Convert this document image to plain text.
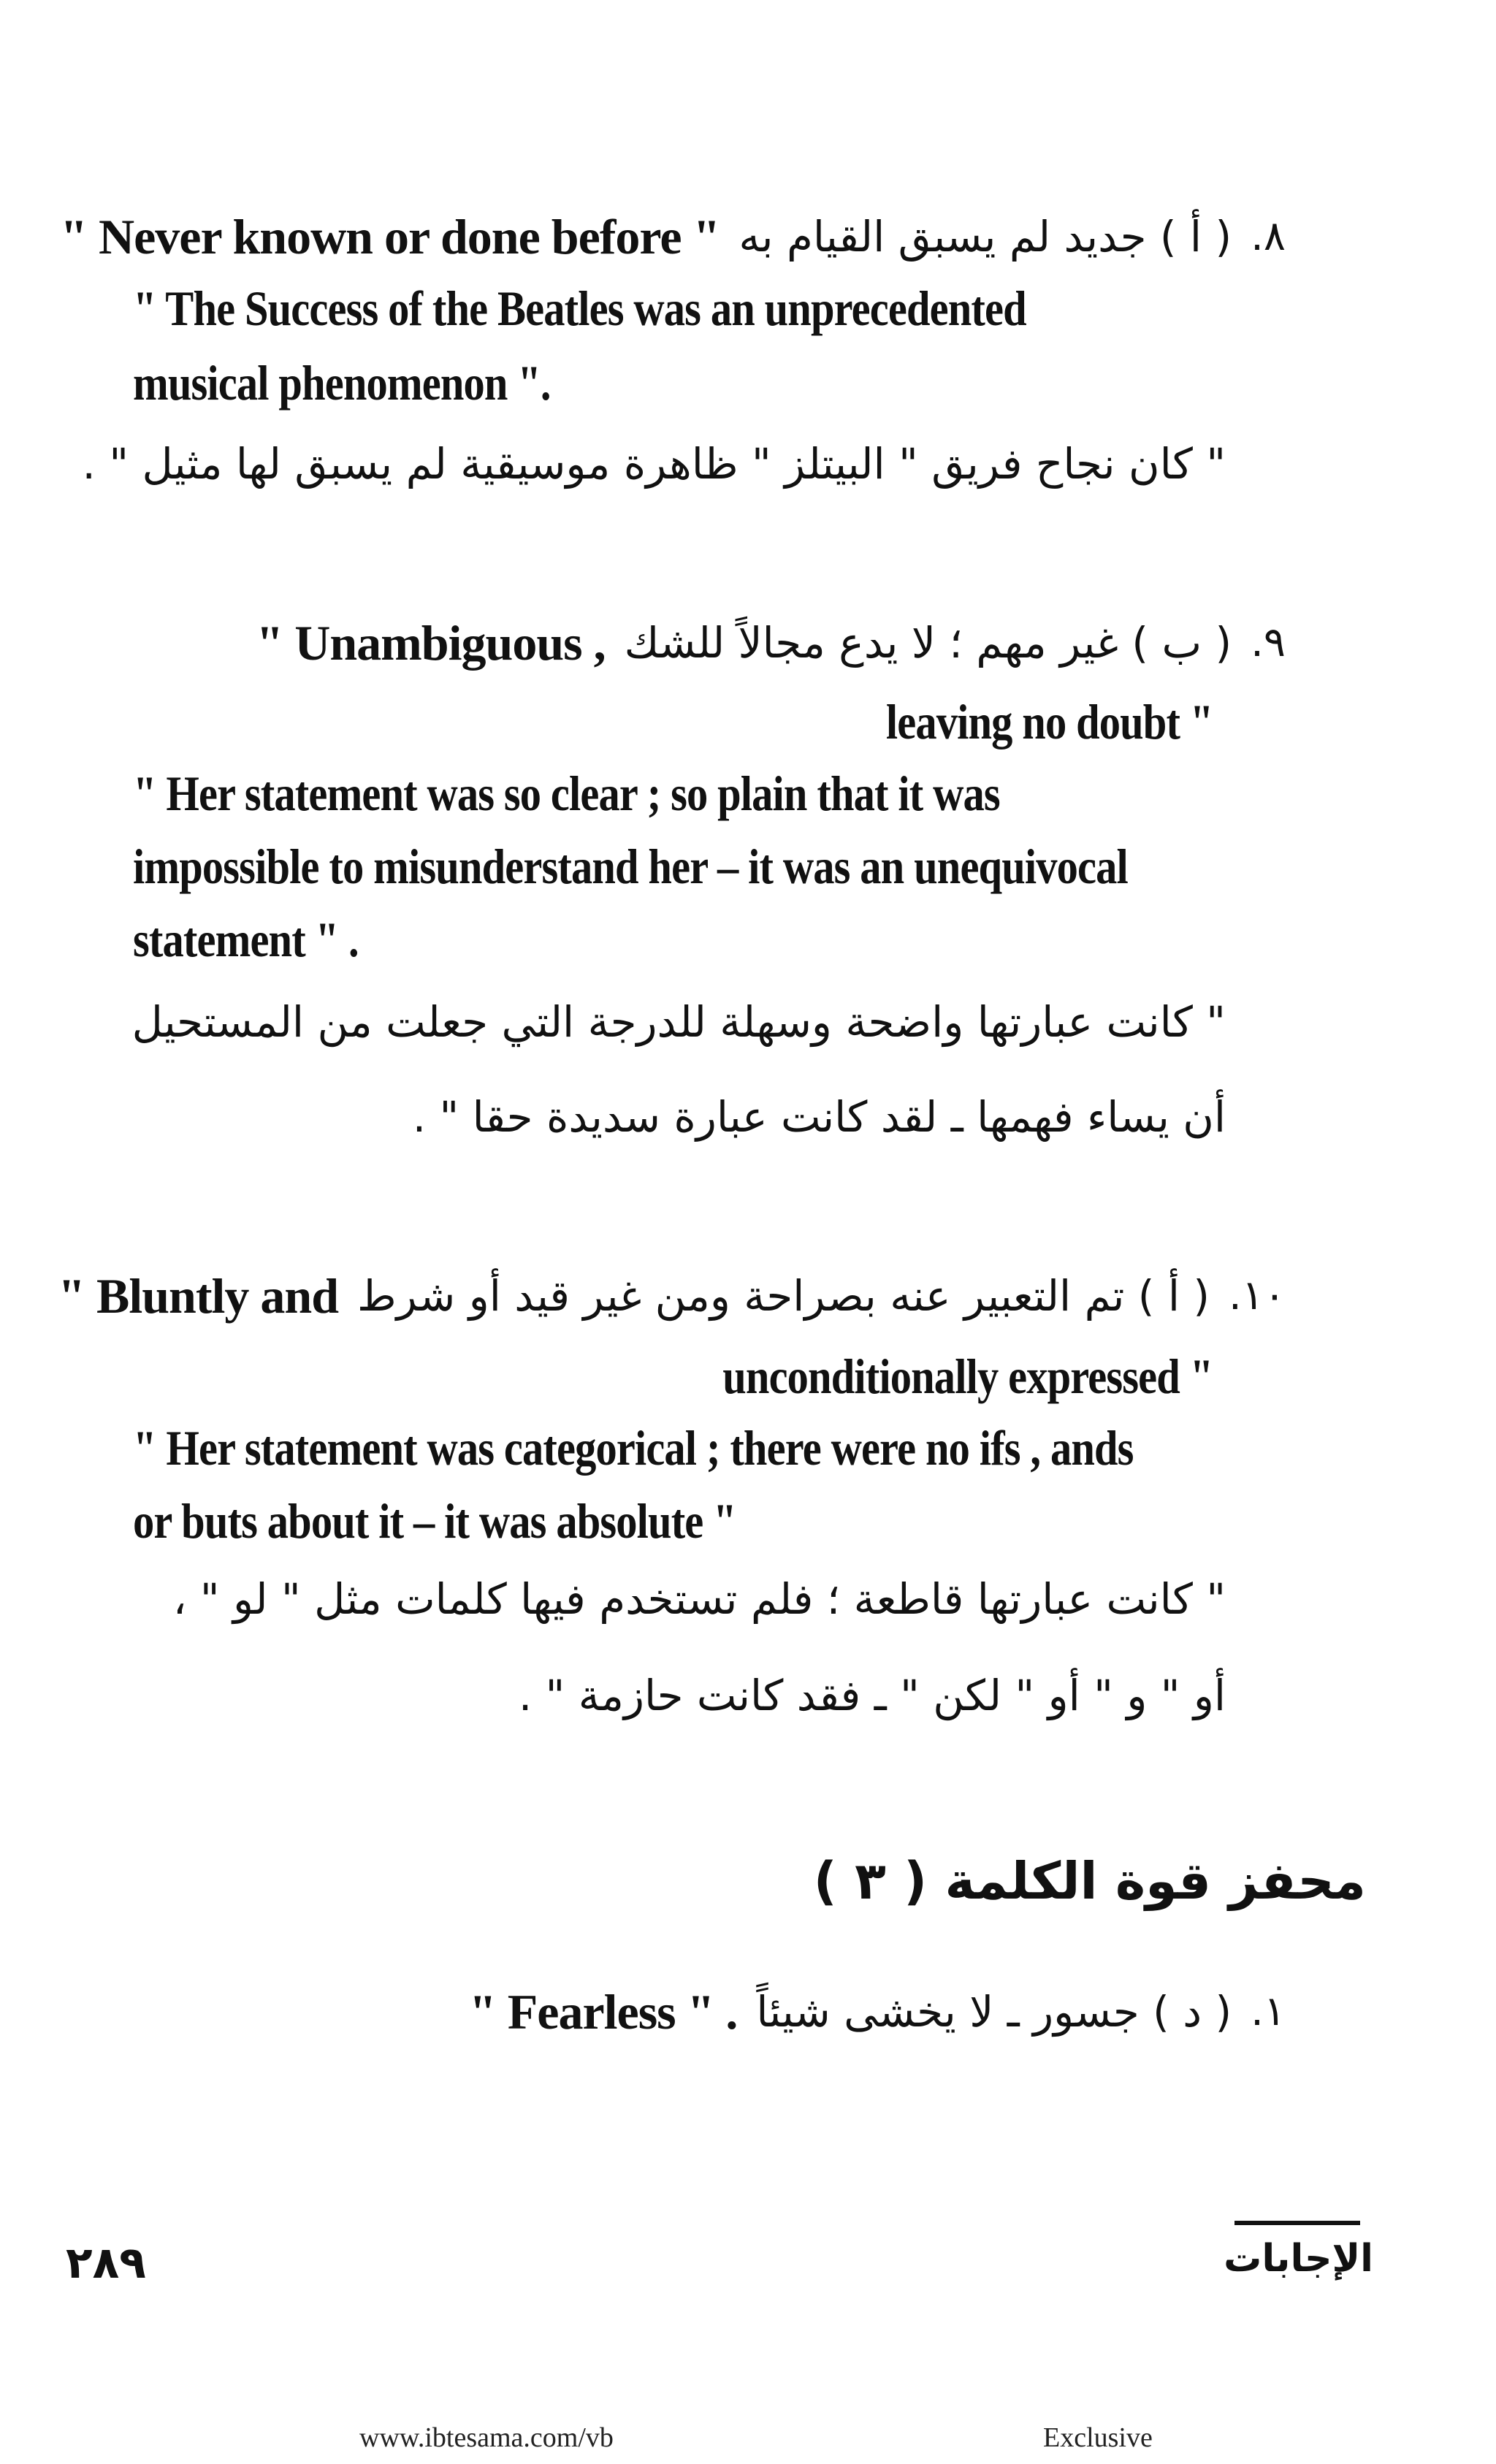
.٨
( أ ) جديد لم يسبق القيام به
" Never known or done before "
" The Success of the Beatles was an unprecedented
musical phenomenon ".
" كان نجاح فريق " البيتلز " ظاهرة موسيقية لم يسبق لها مثيل " .
.٩
( ب ) غير مهم ؛ لا يدع مجالاً للشك
" Unambiguous ,
leaving no doubt "
" Her statement was so clear ; so plain that it was
impossible to misunderstand her – it was an unequivocal
statement " .
" كانت عبارتها واضحة وسهلة للدرجة التي جعلت من المستحيل
أن يساء فهمها ـ لقد كانت عبارة سديدة حقا " .
.١٠
( أ ) تم التعبير عنه بصراحة ومن غير قيد أو شرط
" Bluntly and
unconditionally expressed "
" Her statement was categorical ; there were no ifs , ands
or buts about it – it was absolute "
" كانت عبارتها قاطعة ؛ فلم تستخدم فيها كلمات مثل " لو " ،
أو " و " أو " لكن " ـ فقد كانت حازمة " .
محفز قوة الكلمة ( ٣ )
.١
( د ) جسور ـ لا يخشى شيئاً
" Fearless " .
٢٨٩	الإجابات
www.ibtesama.com/vb	Exclusive
